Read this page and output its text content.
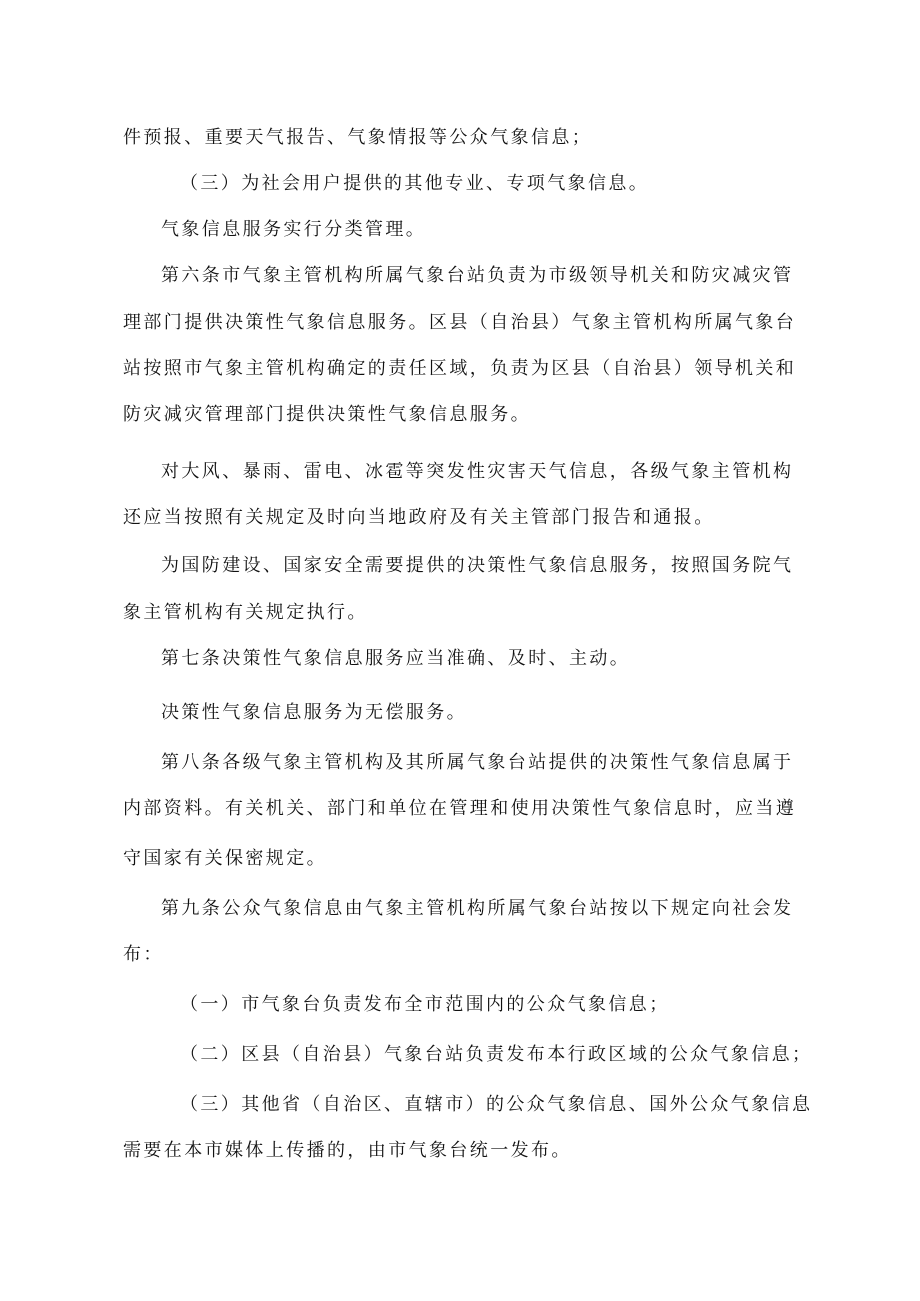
件预报、重要天气报告、气象情报等公众气象信息；
（三）为社会用户提供的其他专业、专项气象信息。
气象信息服务实行分类管理。
第六条市气象主管机构所属气象台站负责为市级领导机关和防灾减灾管
理部门提供决策性气象信息服务。区县（自治县）气象主管机构所属气象台
站按照市气象主管机构确定的责任区域，负责为区县（自治县）领导机关和
防灾减灾管理部门提供决策性气象信息服务。
对大风、暴雨、雷电、冰雹等突发性灾害天气信息，各级气象主管机构
还应当按照有关规定及时向当地政府及有关主管部门报告和通报。
为国防建设、国家安全需要提供的决策性气象信息服务，按照国务院气
象主管机构有关规定执行。
第七条决策性气象信息服务应当准确、及时、主动。
决策性气象信息服务为无偿服务。
第八条各级气象主管机构及其所属气象台站提供的决策性气象信息属于
内部资料。有关机关、部门和单位在管理和使用决策性气象信息时，应当遵
守国家有关保密规定。
第九条公众气象信息由气象主管机构所属气象台站按以下规定向社会发
布：
（一）市气象台负责发布全市范围内的公众气象信息；
（二）区县（自治县）气象台站负责发布本行政区域的公众气象信息；
（三）其他省（自治区、直辖市）的公众气象信息、国外公众气象信息
需要在本市媒体上传播的，由市气象台统一发布。
